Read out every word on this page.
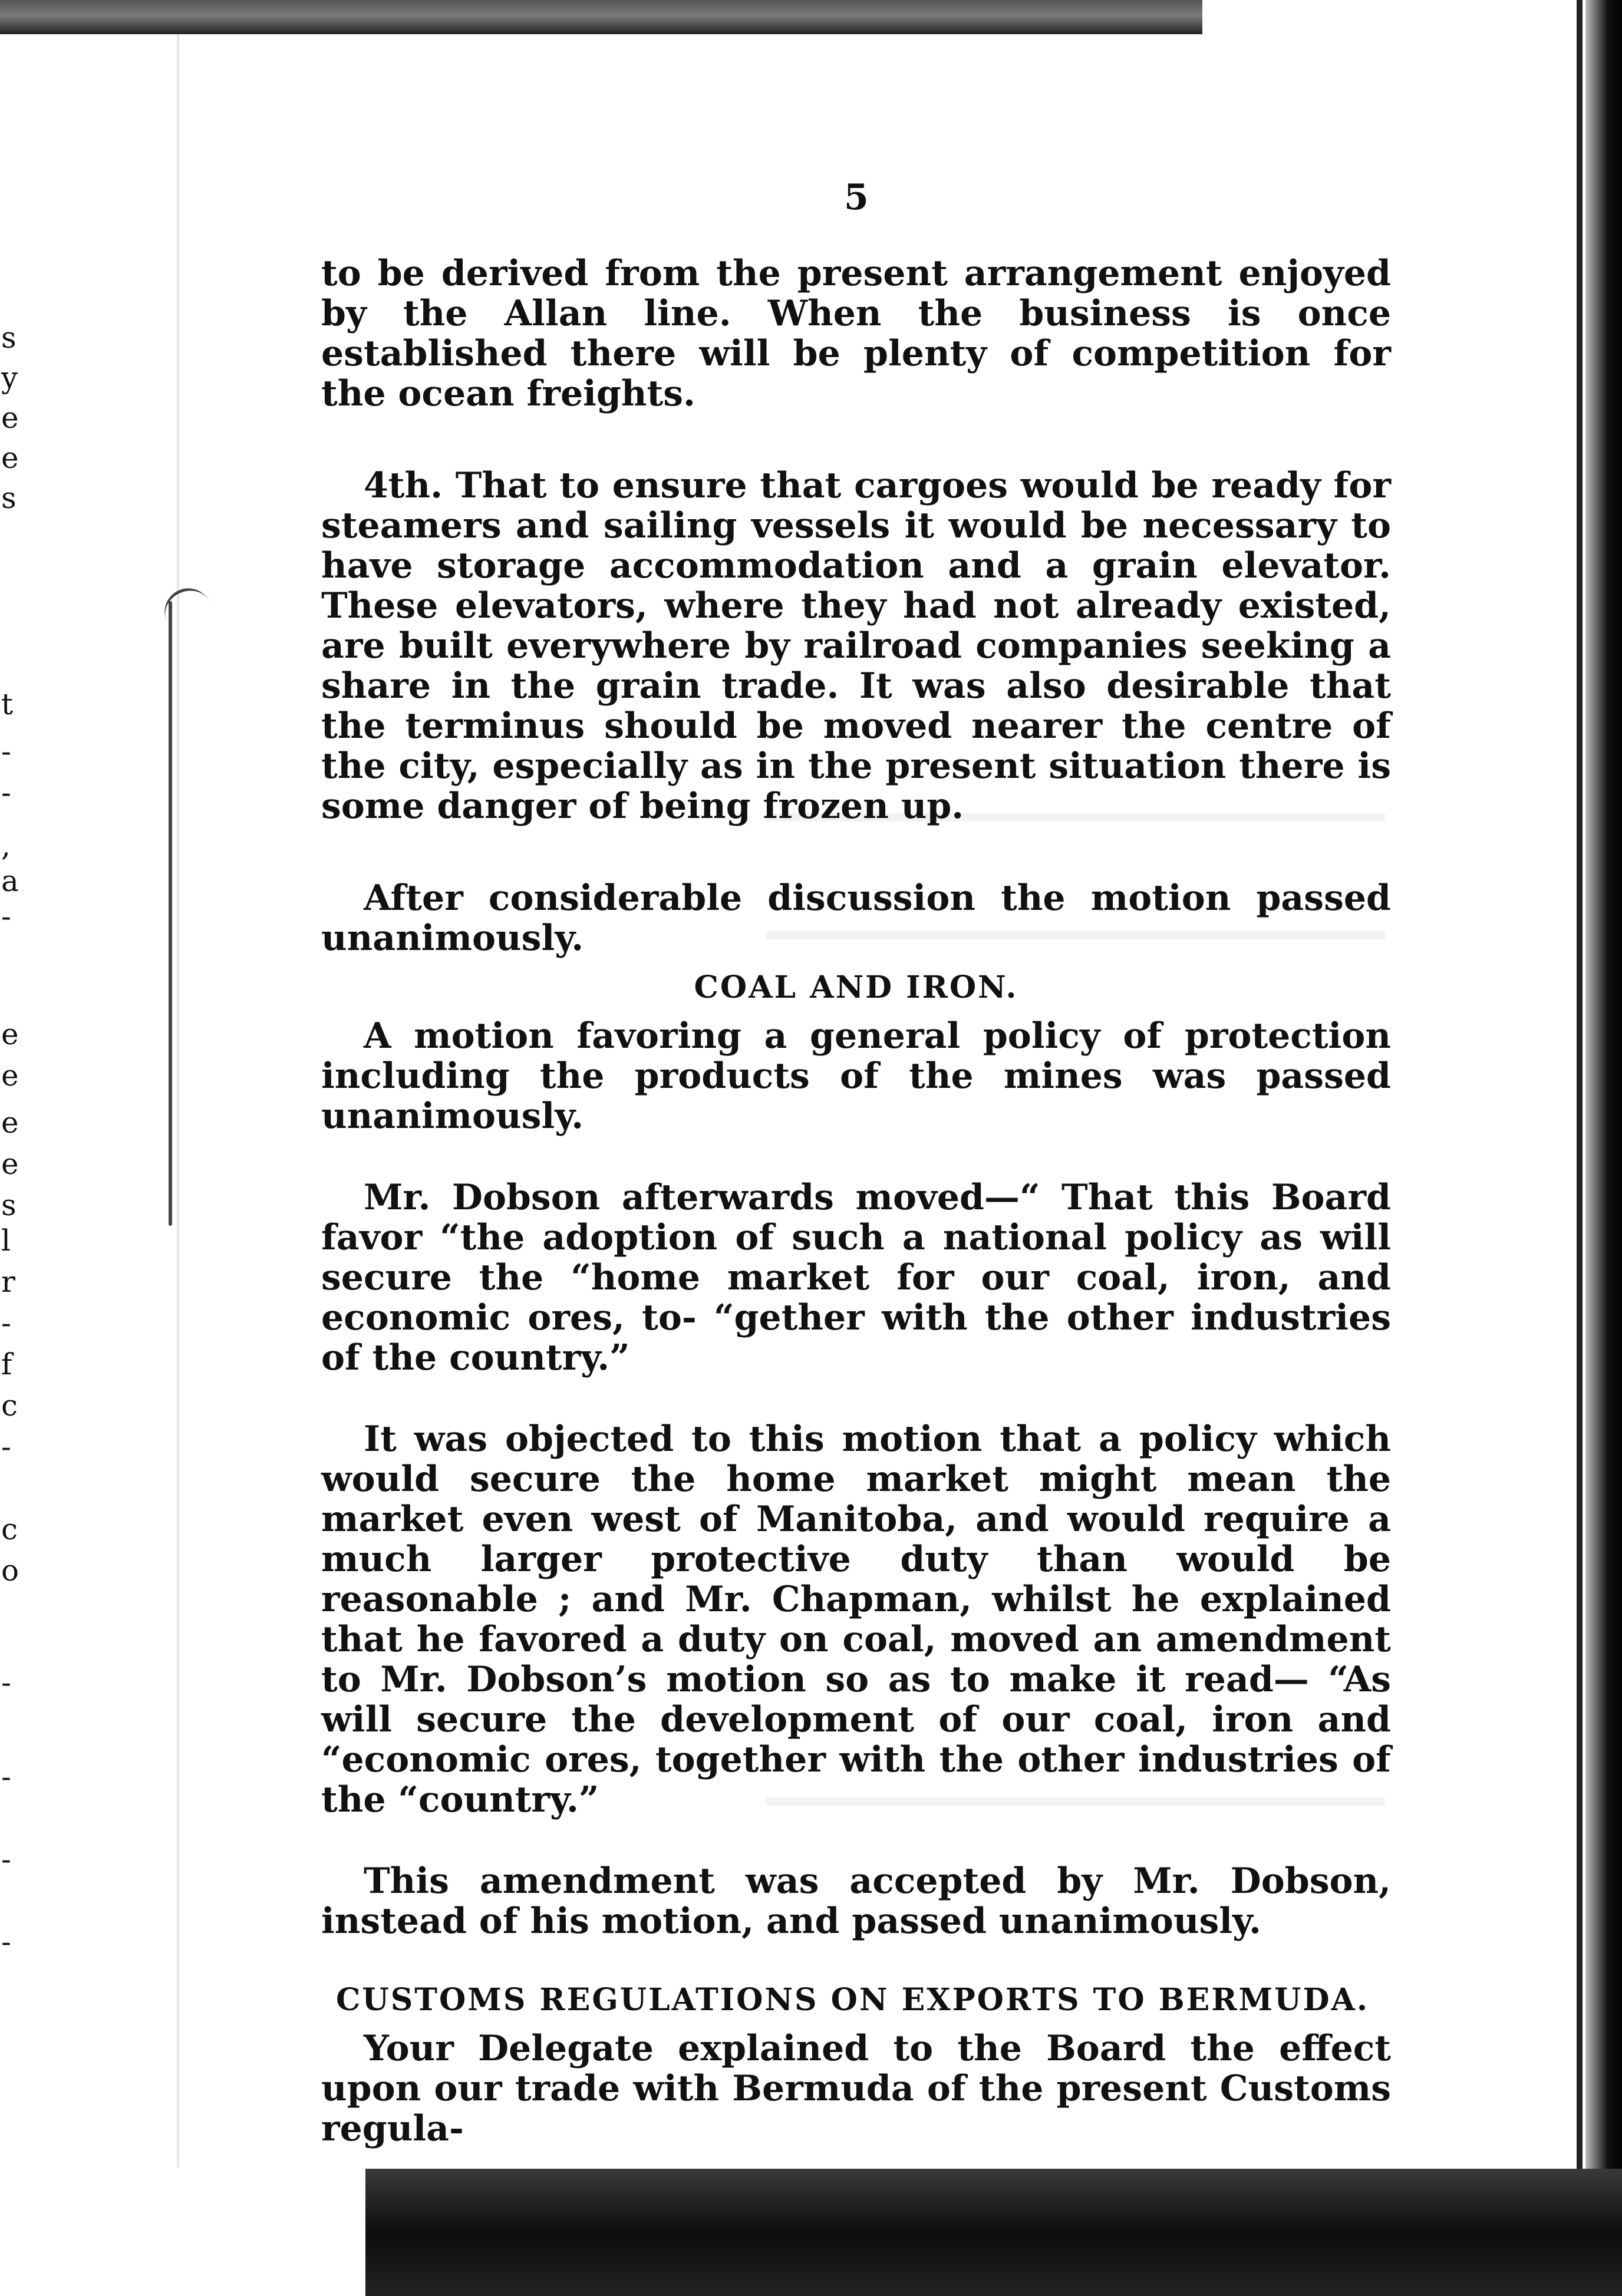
s
y
e
e
s
t
-
-
,
a
-
e
e
e
e
s
l
r
-
f
c
-
c
o
-
-
-
-
5

to be derived from the present arrangement enjoyed by the Allan line. When the business is once established there will be plenty of competition for the ocean freights.

4th. That to ensure that cargoes would be ready for steamers and sailing vessels it would be necessary to have storage accommodation and a grain elevator. These elevators, where they had not already existed, are built everywhere by railroad companies seeking a share in the grain trade. It was also desirable that the terminus should be moved nearer the centre of the city, especially as in the present situation there is some danger of being frozen up.

After considerable discussion the motion passed unanimously.

COAL AND IRON.

A motion favoring a general policy of protection including the products of the mines was passed unanimously.

Mr. Dobson afterwards moved—“ That this Board favor “the adoption of such a national policy as will secure the “home market for our coal, iron, and economic ores, to- “gether with the other industries of the country.”

It was objected to this motion that a policy which would secure the home market might mean the market even west of Manitoba, and would require a much larger protective duty than would be reasonable ; and Mr. Chapman, whilst he explained that he favored a duty on coal, moved an amendment to Mr. Dobson’s motion so as to make it read— “As will secure the development of our coal, iron and “economic ores, together with the other industries of the “country.”

This amendment was accepted by Mr. Dobson, instead of his motion, and passed unanimously.

CUSTOMS REGULATIONS ON EXPORTS TO BERMUDA.

Your Delegate explained to the Board the effect upon our trade with Bermuda of the present Customs regula-
